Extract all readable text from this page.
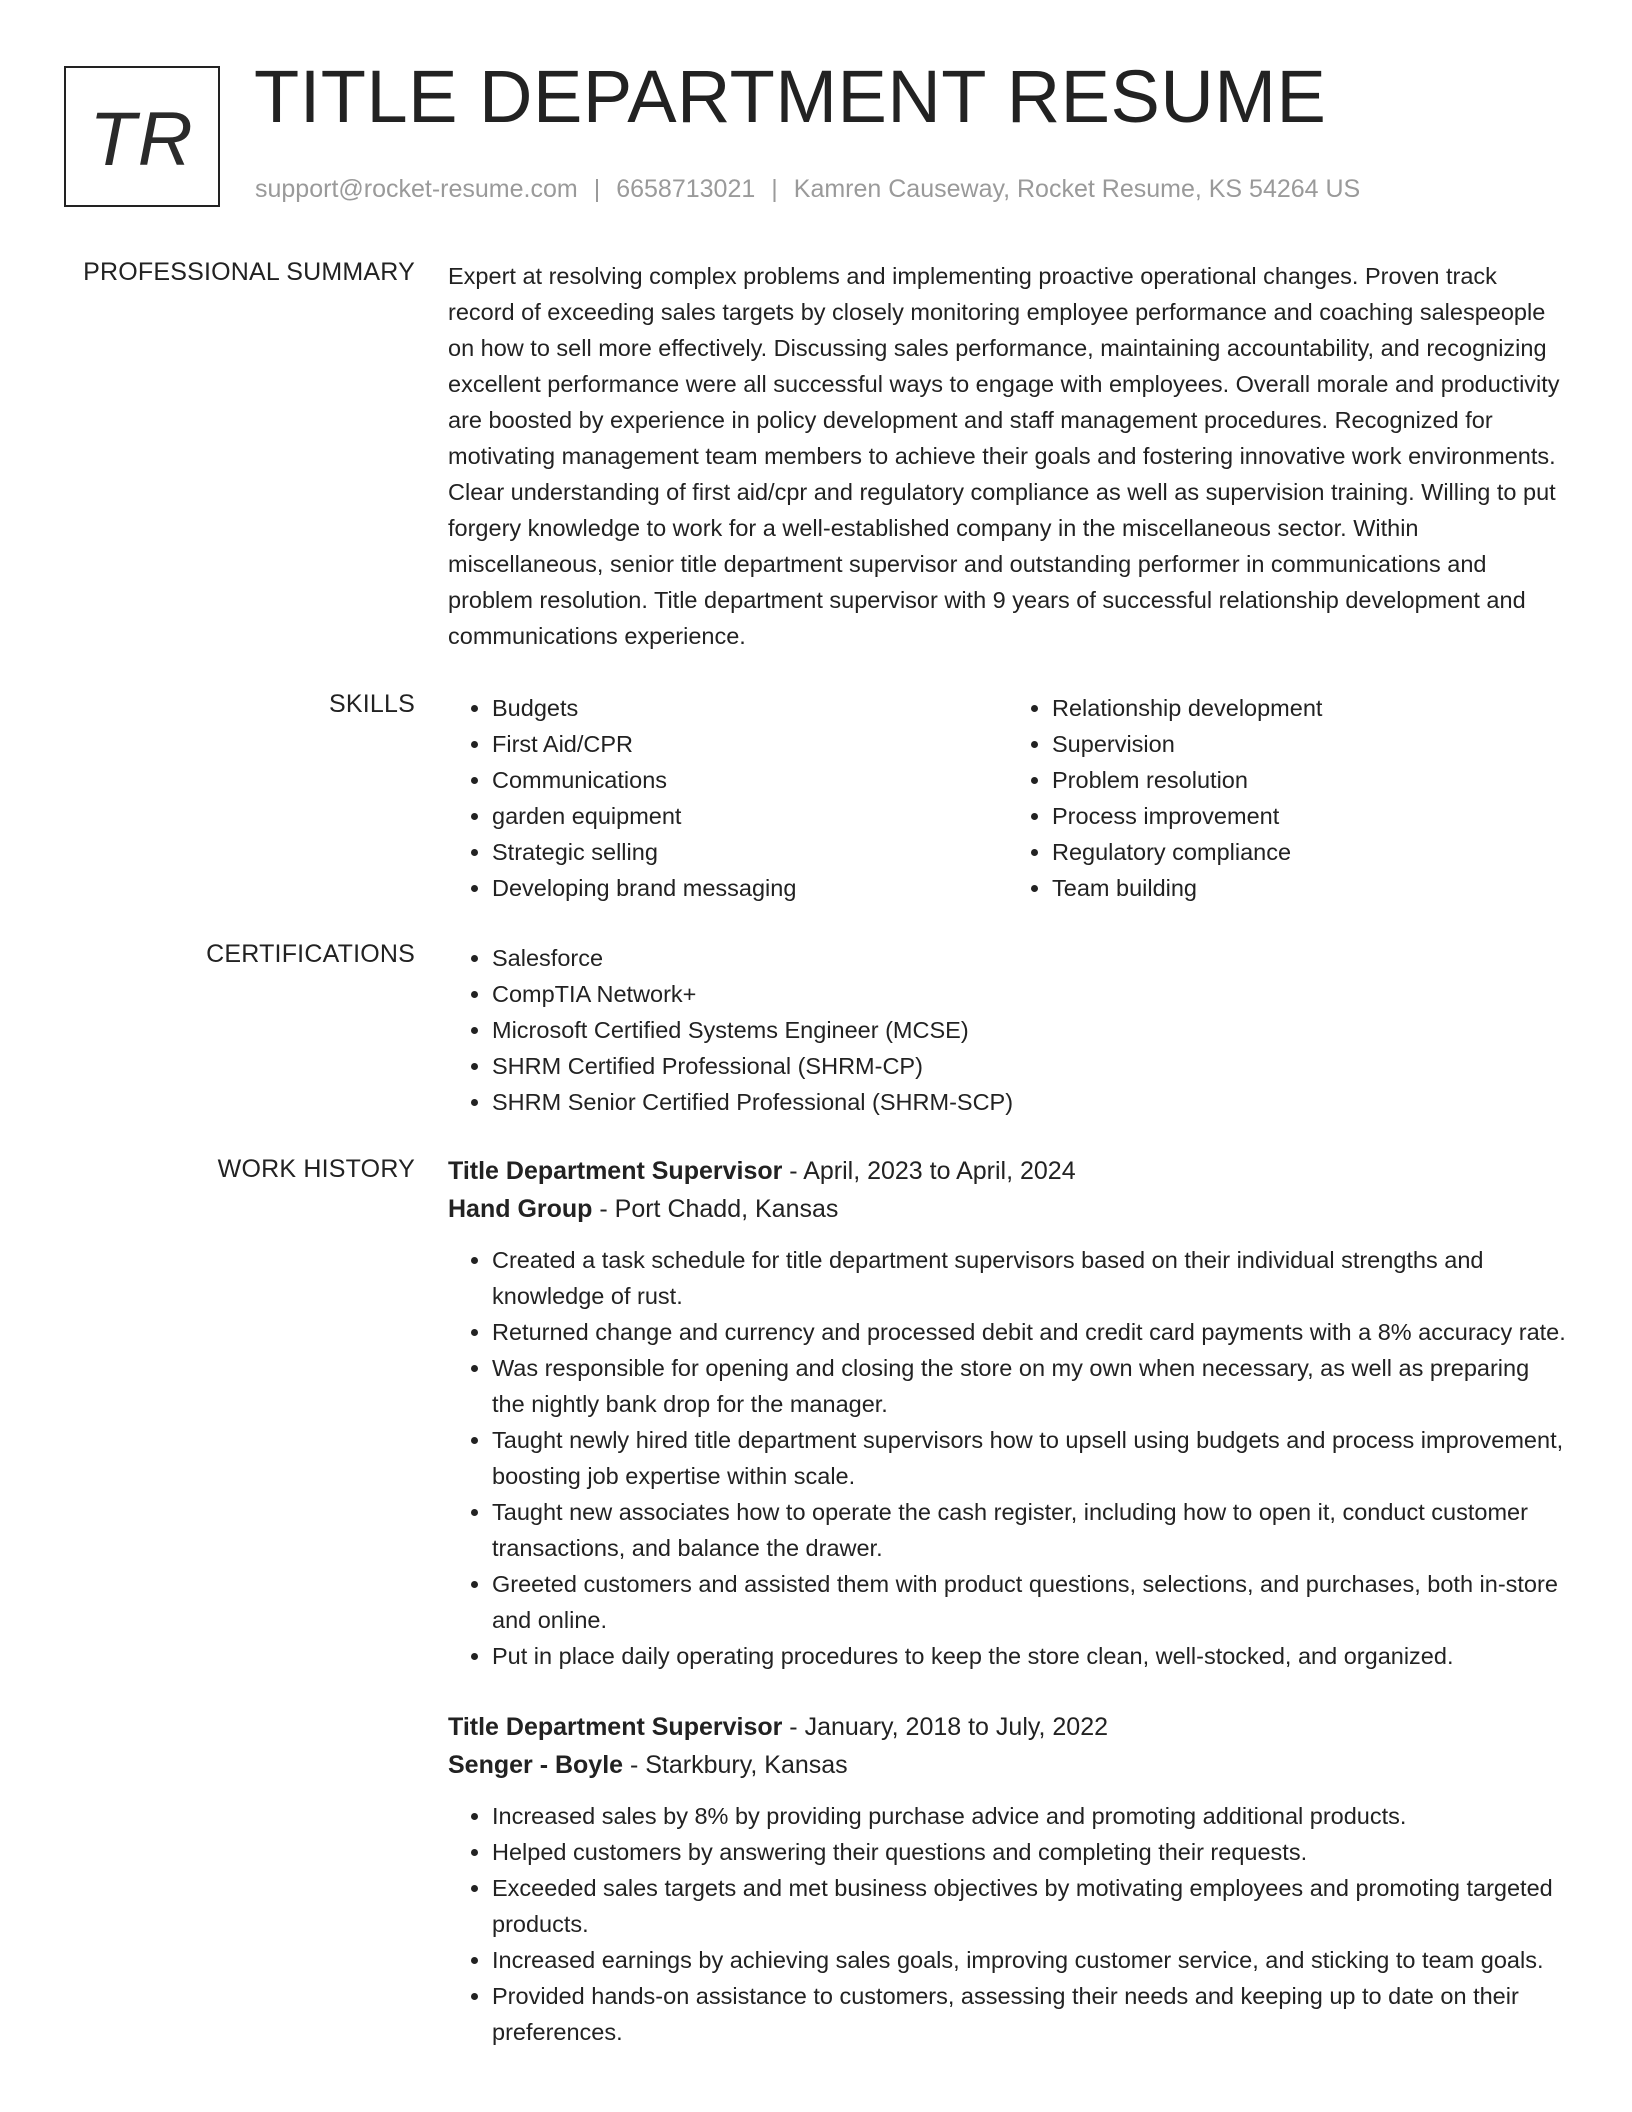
TR
TITLE DEPARTMENT RESUME
support@rocket-resume.com | 6658713021 | Kamren Causeway, Rocket Resume, KS 54264 US
PROFESSIONAL SUMMARY Expert at resolving complex problems and implementing proactive operational changes. Proven track record of exceeding sales targets by closely monitoring employee performance and coaching salespeople on how to sell more effectively. Discussing sales performance, maintaining accountability, and recognizing excellent performance were all successful ways to engage with employees. Overall morale and productivity are boosted by experience in policy development and staff management procedures. Recognized for motivating management team members to achieve their goals and fostering innovative work environments. Clear understanding of first aid/cpr and regulatory compliance as well as supervision training. Willing to put forgery knowledge to work for a well-established company in the miscellaneous sector. Within miscellaneous, senior title department supervisor and outstanding performer in communications and problem resolution. Title department supervisor with 9 years of successful relationship development and communications experience.

SKILLS	• Budgets
• First Aid/CPR
• Communications
• garden equipment
• Strategic selling
• Developing brand messaging
• Relationship development
• Supervision
• Problem resolution
• Process improvement
• Regulatory compliance
• Team building
CERTIFICATIONS	• Salesforce
• CompTIA Network+
• Microsoft Certified Systems Engineer (MCSE)
• SHRM Certified Professional (SHRM-CP)
• SHRM Senior Certified Professional (SHRM-SCP)
WORK HISTORY Title Department Supervisor - April, 2023 to April, 2024
Hand Group - Port Chadd, Kansas
• Created a task schedule for title department supervisors based on their individual strengths and knowledge of rust.
• Returned change and currency and processed debit and credit card payments with a 8% accuracy rate.
• Was responsible for opening and closing the store on my own when necessary, as well as preparing the nightly bank drop for the manager.
• Taught newly hired title department supervisors how to upsell using budgets and process improvement, boosting job expertise within scale.
• Taught new associates how to operate the cash register, including how to open it, conduct customer transactions, and balance the drawer.
• Greeted customers and assisted them with product questions, selections, and purchases, both in-store and online.
• Put in place daily operating procedures to keep the store clean, well-stocked, and organized.
Title Department Supervisor - January, 2018 to July, 2022
Senger - Boyle - Starkbury, Kansas
• Increased sales by 8% by providing purchase advice and promoting additional products.
• Helped customers by answering their questions and completing their requests.
• Exceeded sales targets and met business objectives by motivating employees and promoting targeted products.
• Increased earnings by achieving sales goals, improving customer service, and sticking to team goals.
• Provided hands-on assistance to customers, assessing their needs and keeping up to date on their preferences.
